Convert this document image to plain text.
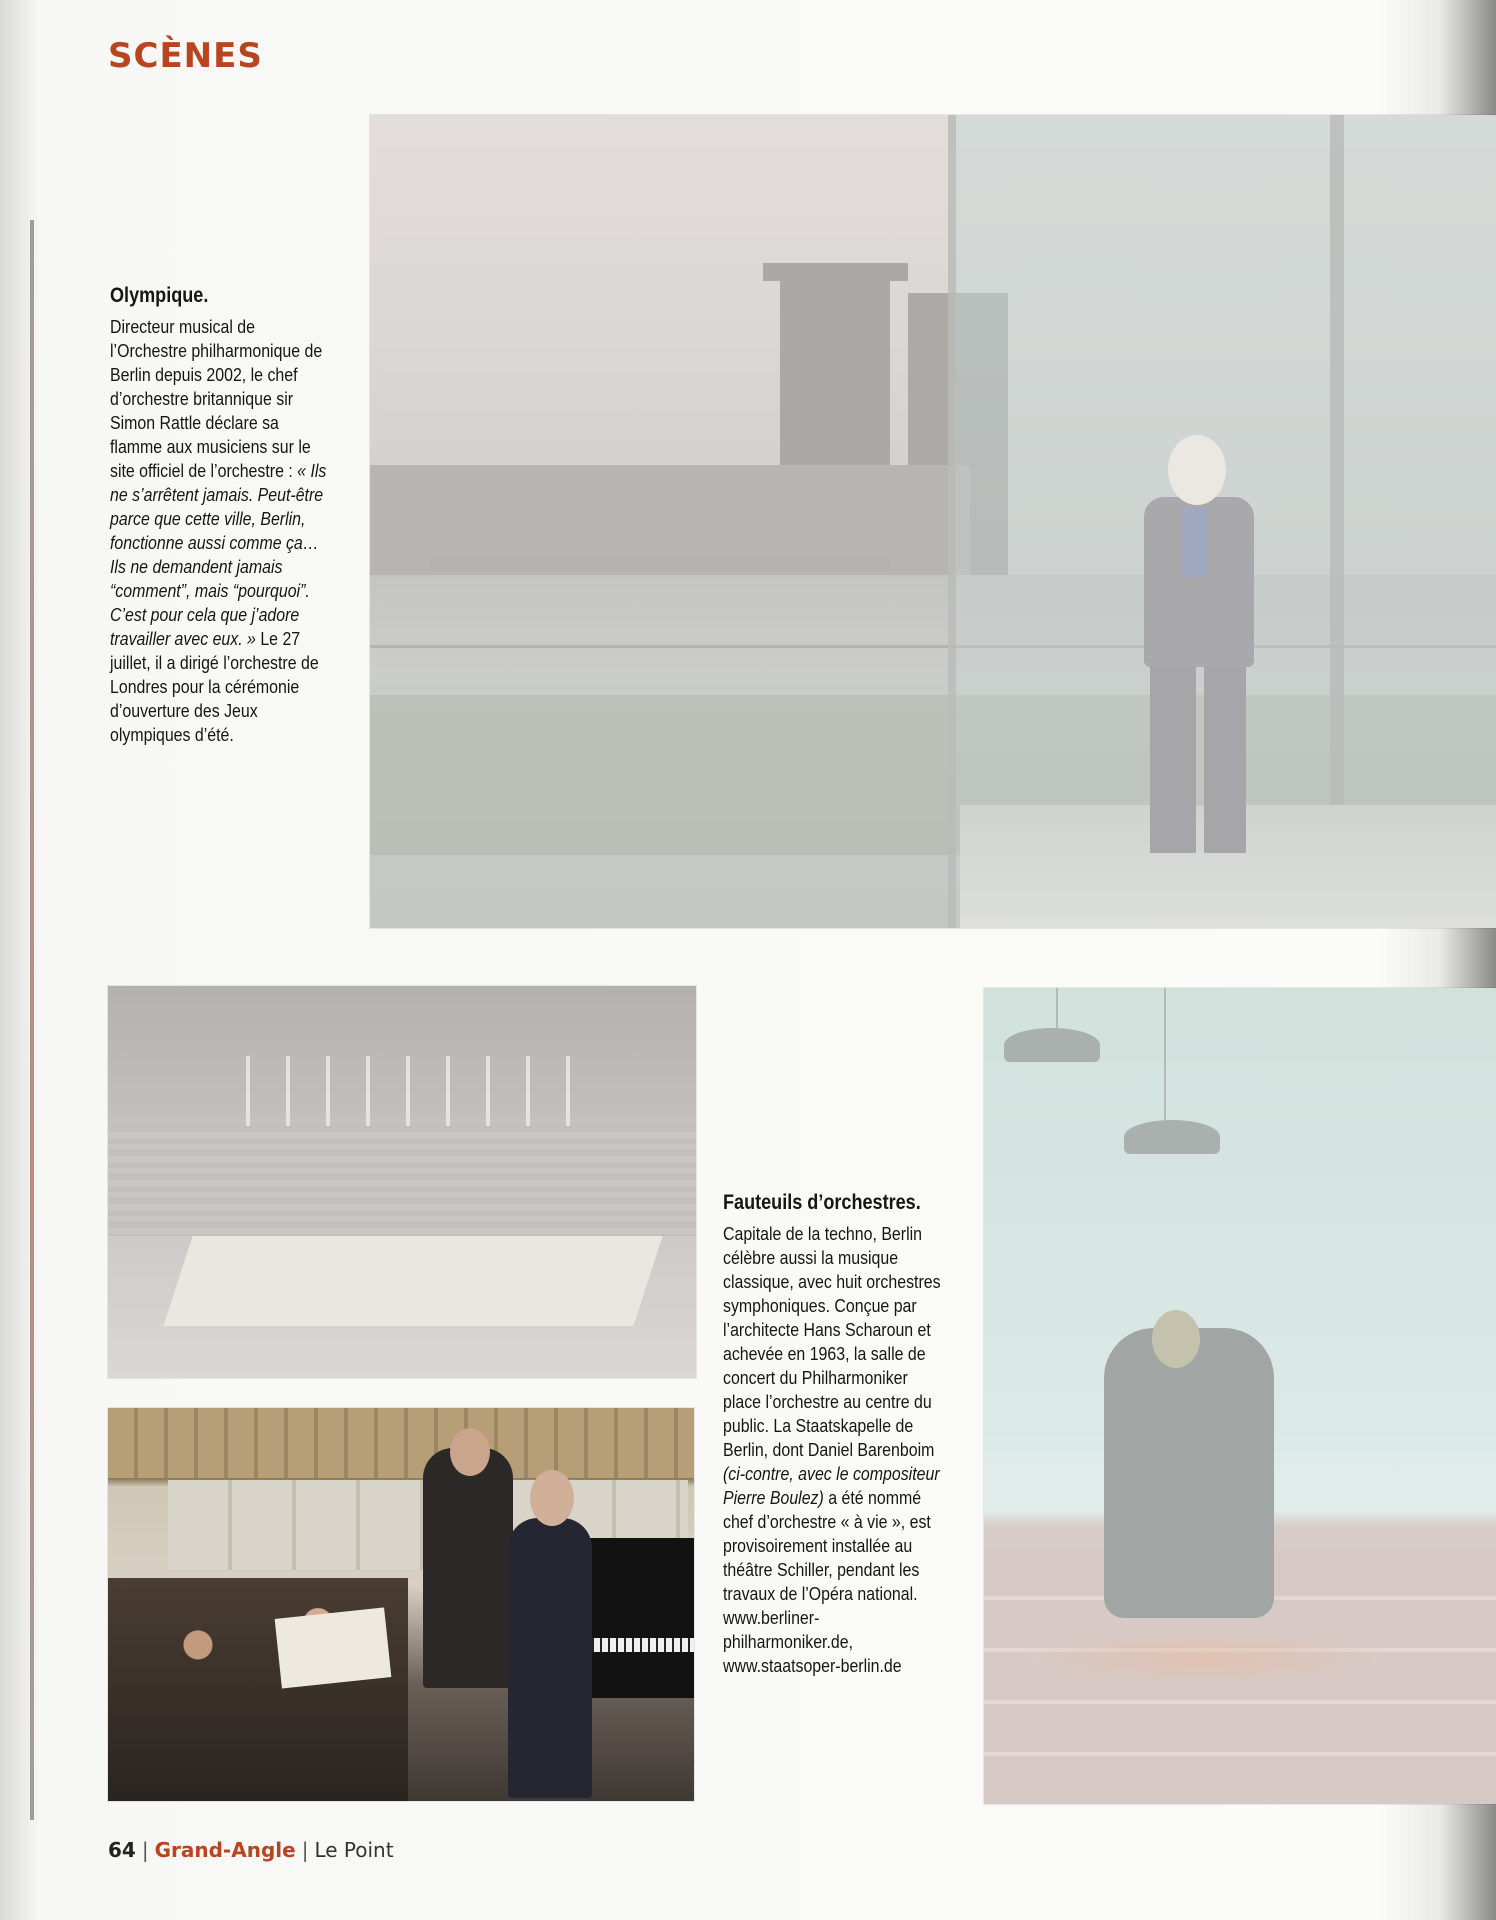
SCÈNES
Olympique.

Directeur musical de l’Orchestre philharmonique de Berlin depuis 2002, le chef d’orchestre britannique sir Simon Rattle déclare sa flamme aux musiciens sur le site officiel de l’orchestre : « Ils ne s’arrêtent jamais. Peut-être parce que cette ville, Berlin, fonctionne aussi comme ça… Ils ne demandent jamais “comment”, mais “pourquoi”. C’est pour cela que j’adore travailler avec eux. » Le 27 juillet, il a dirigé l’orchestre de Londres pour la cérémonie d’ouverture des Jeux olympiques d’été.

Fauteuils d’orchestres.

Capitale de la techno, Berlin célèbre aussi la musique classique, avec huit orchestres symphoniques. Conçue par l’architecte Hans Scharoun et achevée en 1963, la salle de concert du Philharmoniker place l’orchestre au centre du public. La Staatskapelle de Berlin, dont Daniel Barenboim (ci-contre, avec le compositeur Pierre Boulez) a été nommé chef d’orchestre « à vie », est provisoirement installée au théâtre Schiller, pendant les travaux de l’Opéra national.
www.berliner-philharmoniker.de,
www.staatsoper-berlin.de

64 | Grand-Angle | Le Point
